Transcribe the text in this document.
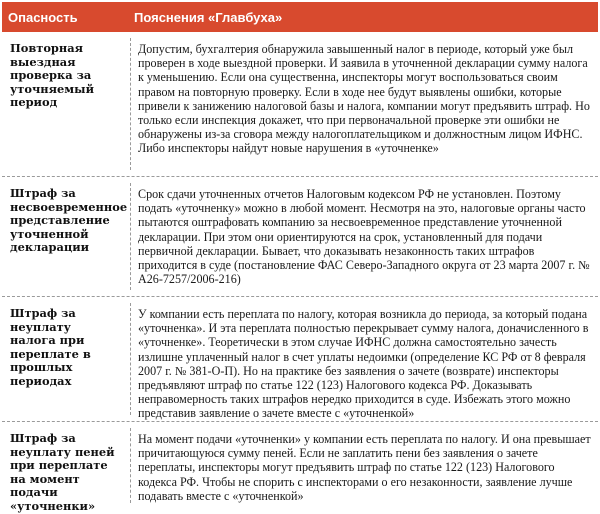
Опасность	Пояснения «Главбуха»
Повторная выездная проверка за уточняемый период
Допустим, бухгалтерия обнаружила завышенный налог в периоде, который уже был проверен в ходе выездной проверки. И заявила в уточненной декларации сумму налога к уменьшению. Если она существенна, инспекторы могут воспользоваться своим правом на повторную проверку. Если в ходе нее будут выявлены ошибки, которые привели к занижению налоговой базы и налога, компании могут предъявить штраф. Но только если инспекция докажет, что при первоначальной проверке эти ошибки не обнаружены из-за сговора между налогоплательщиком и должностным лицом ИФНС. Либо инспекторы найдут новые нарушения в «уточненке»
Штраф за несвоевременное представление уточненной декларации
Срок сдачи уточненных отчетов Налоговым кодексом РФ не установлен. Поэтому подать «уточненку» можно в любой момент. Несмотря на это, налоговые органы часто пытаются оштрафовать компанию за несвоевременное представление уточненной декларации. При этом они ориентируются на срок, установленный для подачи первичной декларации. Бывает, что доказывать незаконность таких штрафов приходится в суде (постановление ФАС Северо-Западного округа от 23 марта 2007 г. № А26-7257/2006-216)
Штраф за неуплату налога при переплате в прошлых периодах
У компании есть переплата по налогу, которая возникла до периода, за который подана «уточненка». И эта переплата полностью перекрывает сумму налога, доначисленного в «уточненке». Теоретически в этом случае ИФНС должна самостоятельно зачесть излишне уплаченный налог в счет уплаты недоимки (определение КС РФ от 8 февраля 2007 г. № 381-О-П). Но на практике без заявления о зачете (возврате) инспекторы предъявляют штраф по статье 122 (123) Налогового кодекса РФ. Доказывать неправомерность таких штрафов нередко приходится в суде. Избежать этого можно представив заявление о зачете вместе с «уточненкой»
Штраф за неуплату пеней при переплате на момент подачи «уточненки»
На момент подачи «уточненки» у компании есть переплата по налогу. И она превышает причитающуюся сумму пеней. Если не заплатить пени без заявления о зачете переплаты, инспекторы могут предъявить штраф по статье 122 (123) Налогового кодекса РФ. Чтобы не спорить с инспекторами о его незаконности, заявление лучше подавать вместе с «уточненкой»
